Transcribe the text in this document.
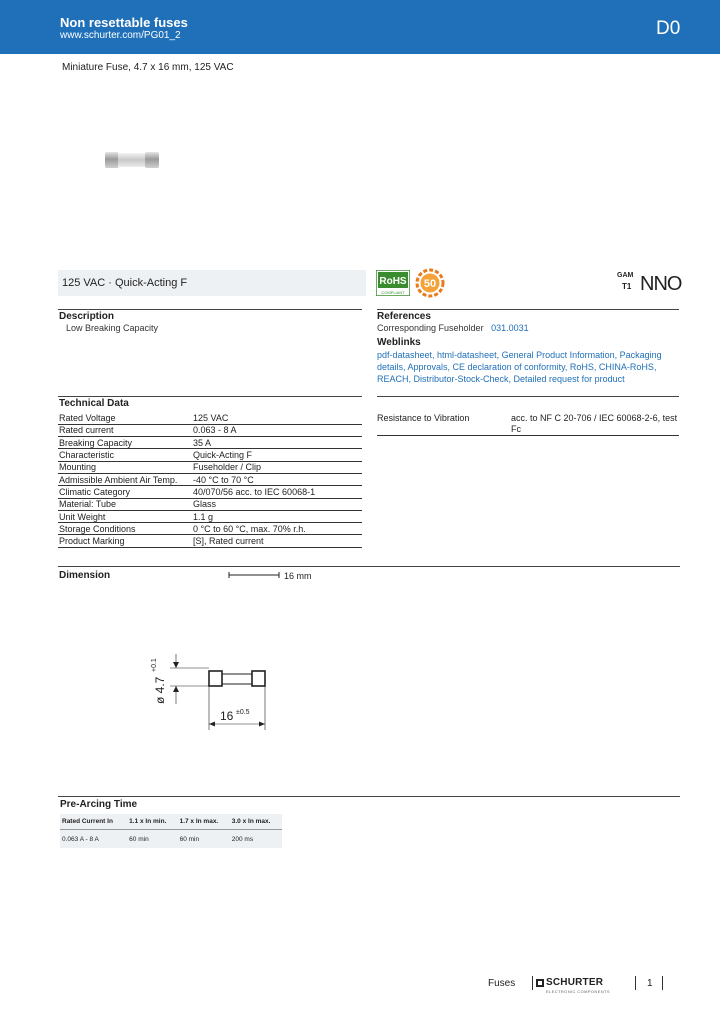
Non resettable fuses
www.schurter.com/PG01_2	D0
Miniature Fuse, 4.7 x 16 mm, 125 VAC
125 VAC · Quick-Acting F	RoHS
COMPLIANT
50
GAM
T1 NNO
Description
Low Breaking Capacity
References
Corresponding Fuseholder 031.0031
Weblinks
pdf-datasheet, html-datasheet, General Product Information, Packaging details, Approvals, CE declaration of conformity, RoHS, CHINA-RoHS, REACH, Distributor-Stock-Check, Detailed request for product
Technical Data
Rated Voltage	125 VAC
Rated current	0.063 - 8 A
Breaking Capacity	35 A
Characteristic	Quick-Acting F
Mounting	Fuseholder / Clip
Admissible Ambient Air Temp.	-40 °C to 70 °C
Climatic Category	40/070/56 acc. to IEC 60068-1
Material: Tube	Glass
Unit Weight	1.1 g
Storage Conditions	0 °C to 60 °C, max. 70% r.h.
Product Marking	[S], Rated current
Resistance to Vibration	acc. to NF C 20-706 / IEC 60068-2-6, test Fc
Dimension	16 mm
ø 4.7
+0.1
16 ±0.5
Pre-Arcing Time
Rated Current In	1.1 x In min.	1.7 x In max.	3.0 x In max.
0.063 A - 8 A	60 min	60 min	200 ms
Fuses	SCHURTER
ELECTRONIC COMPONENTS
1
